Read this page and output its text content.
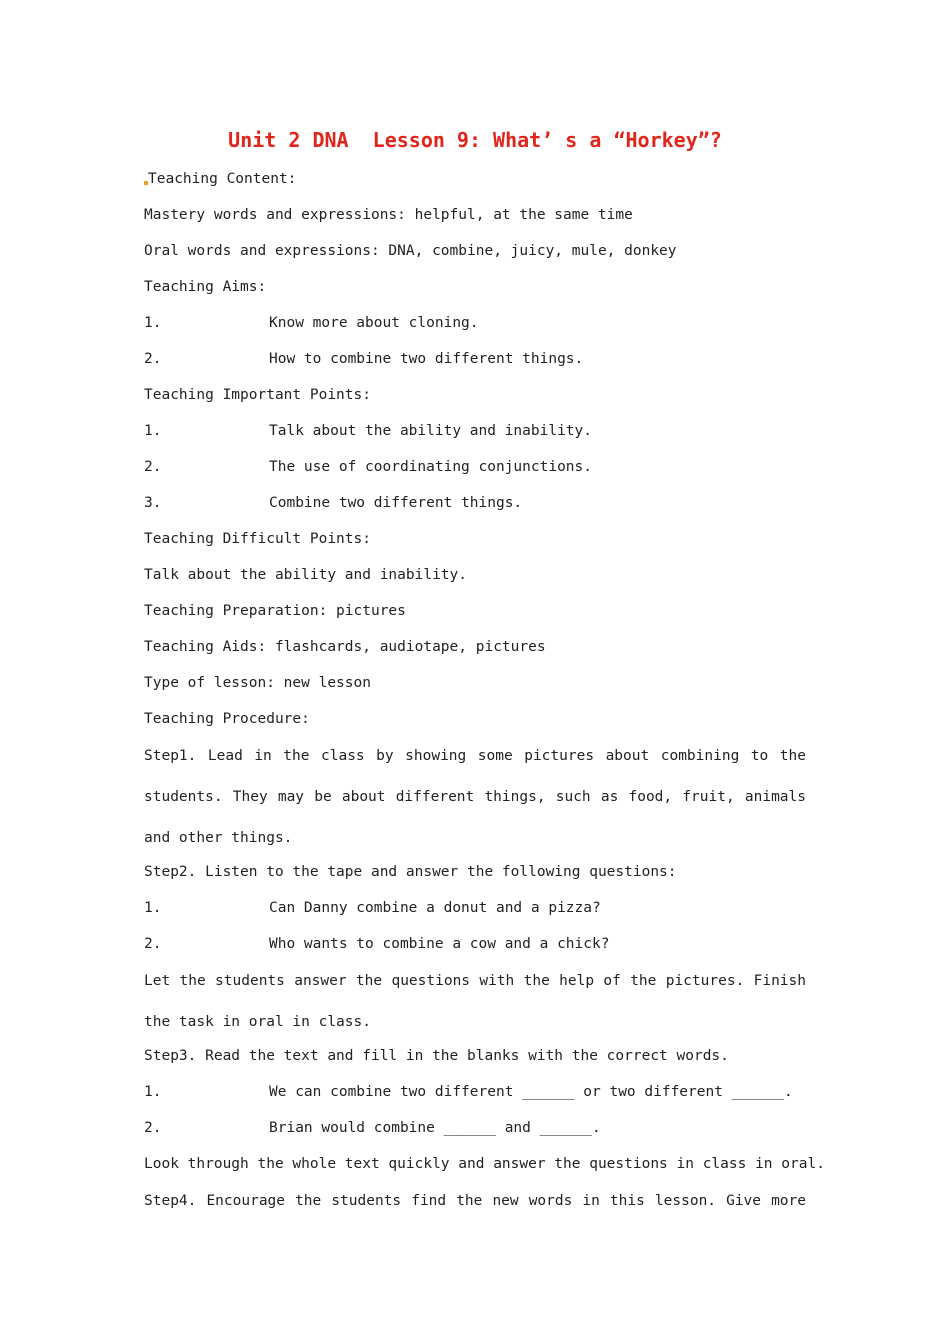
Unit 2 DNA  Lesson 9: What’ s a “Horkey”?
Teaching Content:
Mastery words and expressions: helpful, at the same time
Oral words and expressions: DNA, combine, juicy, mule, donkey
Teaching Aims:
1.	Know more about cloning.
2.	How to combine two different things.
Teaching Important Points:
1.	Talk about the ability and inability.
2.	The use of coordinating conjunctions.
3.	Combine two different things.
Teaching Difficult Points:
Talk about the ability and inability.
Teaching Preparation: pictures
Teaching Aids: flashcards, audiotape, pictures
Type of lesson: new lesson
Teaching Procedure:
Step1. Lead in the class by showing some pictures about combining to the students. They may be about different things, such as food, fruit, animals and other things.
Step2. Listen to the tape and answer the following questions:
1.	Can Danny combine a donut and a pizza?
2.	Who wants to combine a cow and a chick?
Let the students answer the questions with the help of the pictures. Finish the task in oral in class.
Step3. Read the text and fill in the blanks with the correct words.
1.	We can combine two different ______ or two different ______.
2.	Brian would combine ______ and ______.
Look through the whole text quickly and answer the questions in class in oral.
Step4. Encourage the students find the new words in this lesson. Give more
